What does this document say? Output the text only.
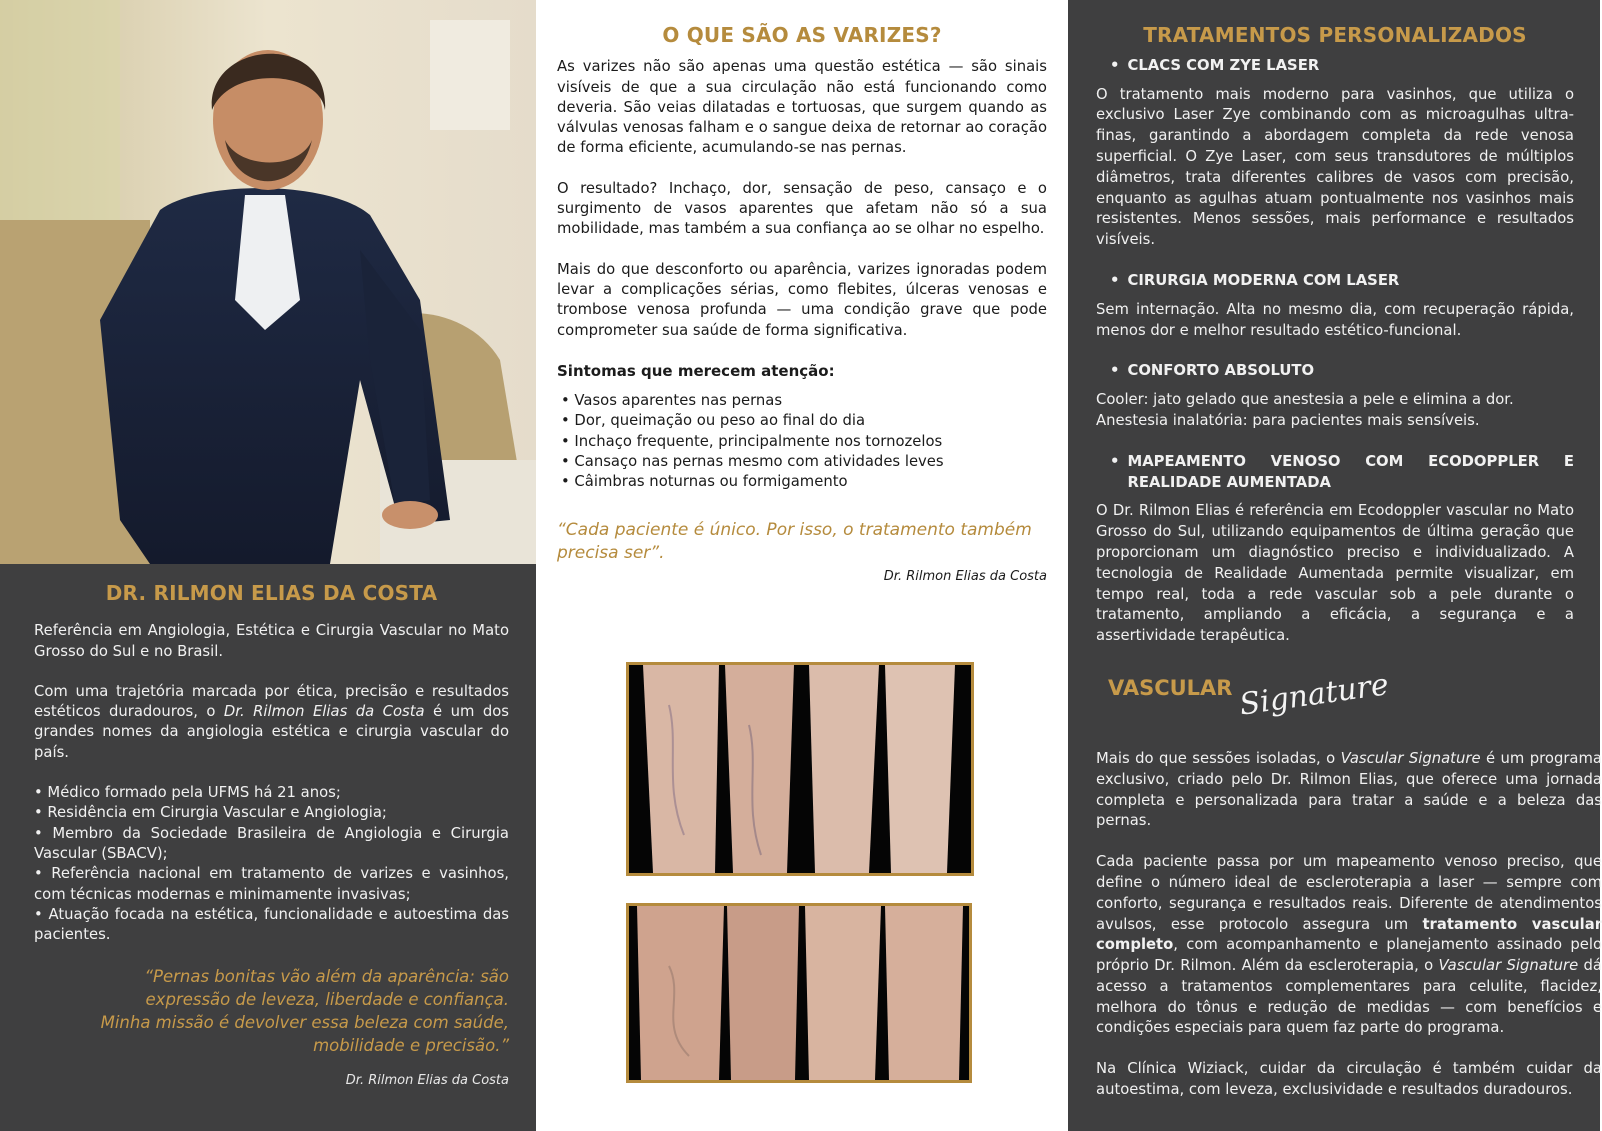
DR. RILMON ELIAS DA COSTA

Referência em Angiologia, Estética e Cirurgia Vascular no Mato Grosso do Sul e no Brasil.

Com uma trajetória marcada por ética, precisão e resultados estéticos duradouros, o Dr. Rilmon Elias da Costa é um dos grandes nomes da angiologia estética e cirurgia vascular do país.

• Médico formado pela UFMS há 21 anos;
• Residência em Cirurgia Vascular e Angiologia;
• Membro da Sociedade Brasileira de Angiologia e Cirurgia Vascular (SBACV);
• Referência nacional em tratamento de varizes e vasinhos, com técnicas modernas e minimamente invasivas;
• Atuação focada na estética, funcionalidade e autoestima das pacientes.
“Pernas bonitas vão além da aparência: são
expressão de leveza, liberdade e confiança.
Minha missão é devolver essa beleza com saúde,
mobilidade e precisão.”
Dr. Rilmon Elias da Costa
O QUE SÃO AS VARIZES?

As varizes não são apenas uma questão estética — são sinais visíveis de que a sua circulação não está funcionando como deveria. São veias dilatadas e tortuosas, que surgem quando as válvulas venosas falham e o sangue deixa de retornar ao coração de forma eficiente, acumulando-se nas pernas.

O resultado? Inchaço, dor, sensação de peso, cansaço e o surgimento de vasos aparentes que afetam não só a sua mobilidade, mas também a sua confiança ao se olhar no espelho.

Mais do que desconforto ou aparência, varizes ignoradas podem levar a complicações sérias, como flebites, úlceras venosas e trombose venosa profunda — uma condição grave que pode comprometer sua saúde de forma significativa.

Sintomas que merecem atenção:
• Vasos aparentes nas pernas
• Dor, queimação ou peso ao final do dia
• Inchaço frequente, principalmente nos tornozelos
• Cansaço nas pernas mesmo com atividades leves
• Câimbras noturnas ou formigamento

“Cada paciente é único. Por isso, o tratamento também precisa ser”.

Dr. Rilmon Elias da Costa
TRATAMENTOS PERSONALIZADOS
• CLACS COM ZYE LASER

O tratamento mais moderno para vasinhos, que utiliza o exclusivo Laser Zye combinando com as microagulhas ultra-finas, garantindo a abordagem completa da rede venosa superficial. O Zye Laser, com seus transdutores de múltiplos diâmetros, trata diferentes calibres de vasos com precisão, enquanto as agulhas atuam pontualmente nos vasinhos mais resistentes. Menos sessões, mais performance e resultados visíveis.

• CIRURGIA MODERNA COM LASER

Sem internação. Alta no mesmo dia, com recuperação rápida, menos dor e melhor resultado estético-funcional.

• CONFORTO ABSOLUTO
Cooler: jato gelado que anestesia a pele e elimina a dor.
Anestesia inalatória: para pacientes mais sensíveis.
• MAPEAMENTO VENOSO COM ECODOPPLER E REALIDADE AUMENTADA

O Dr. Rilmon Elias é referência em Ecodoppler vascular no Mato Grosso do Sul, utilizando equipamentos de última geração que proporcionam um diagnóstico preciso e individualizado. A tecnologia de Realidade Aumentada permite visualizar, em tempo real, toda a rede vascular sob a pele durante o tratamento, ampliando a eficácia, a segurança e a assertividade terapêutica.

VASCULAR Signature

Mais do que sessões isoladas, o Vascular Signature é um programa exclusivo, criado pelo Dr. Rilmon Elias, que oferece uma jornada completa e personalizada para tratar a saúde e a beleza das pernas.

Cada paciente passa por um mapeamento venoso preciso, que define o número ideal de escleroterapia a laser — sempre com conforto, segurança e resultados reais. Diferente de atendimentos avulsos, esse protocolo assegura um tratamento vascular completo, com acompanhamento e planejamento assinado pelo próprio Dr. Rilmon. Além da escleroterapia, o Vascular Signature dá acesso a tratamentos complementares para celulite, flacidez, melhora do tônus e redução de medidas — com benefícios e condições especiais para quem faz parte do programa.

Na Clínica Wiziack, cuidar da circulação é também cuidar da autoestima, com leveza, exclusividade e resultados duradouros.
